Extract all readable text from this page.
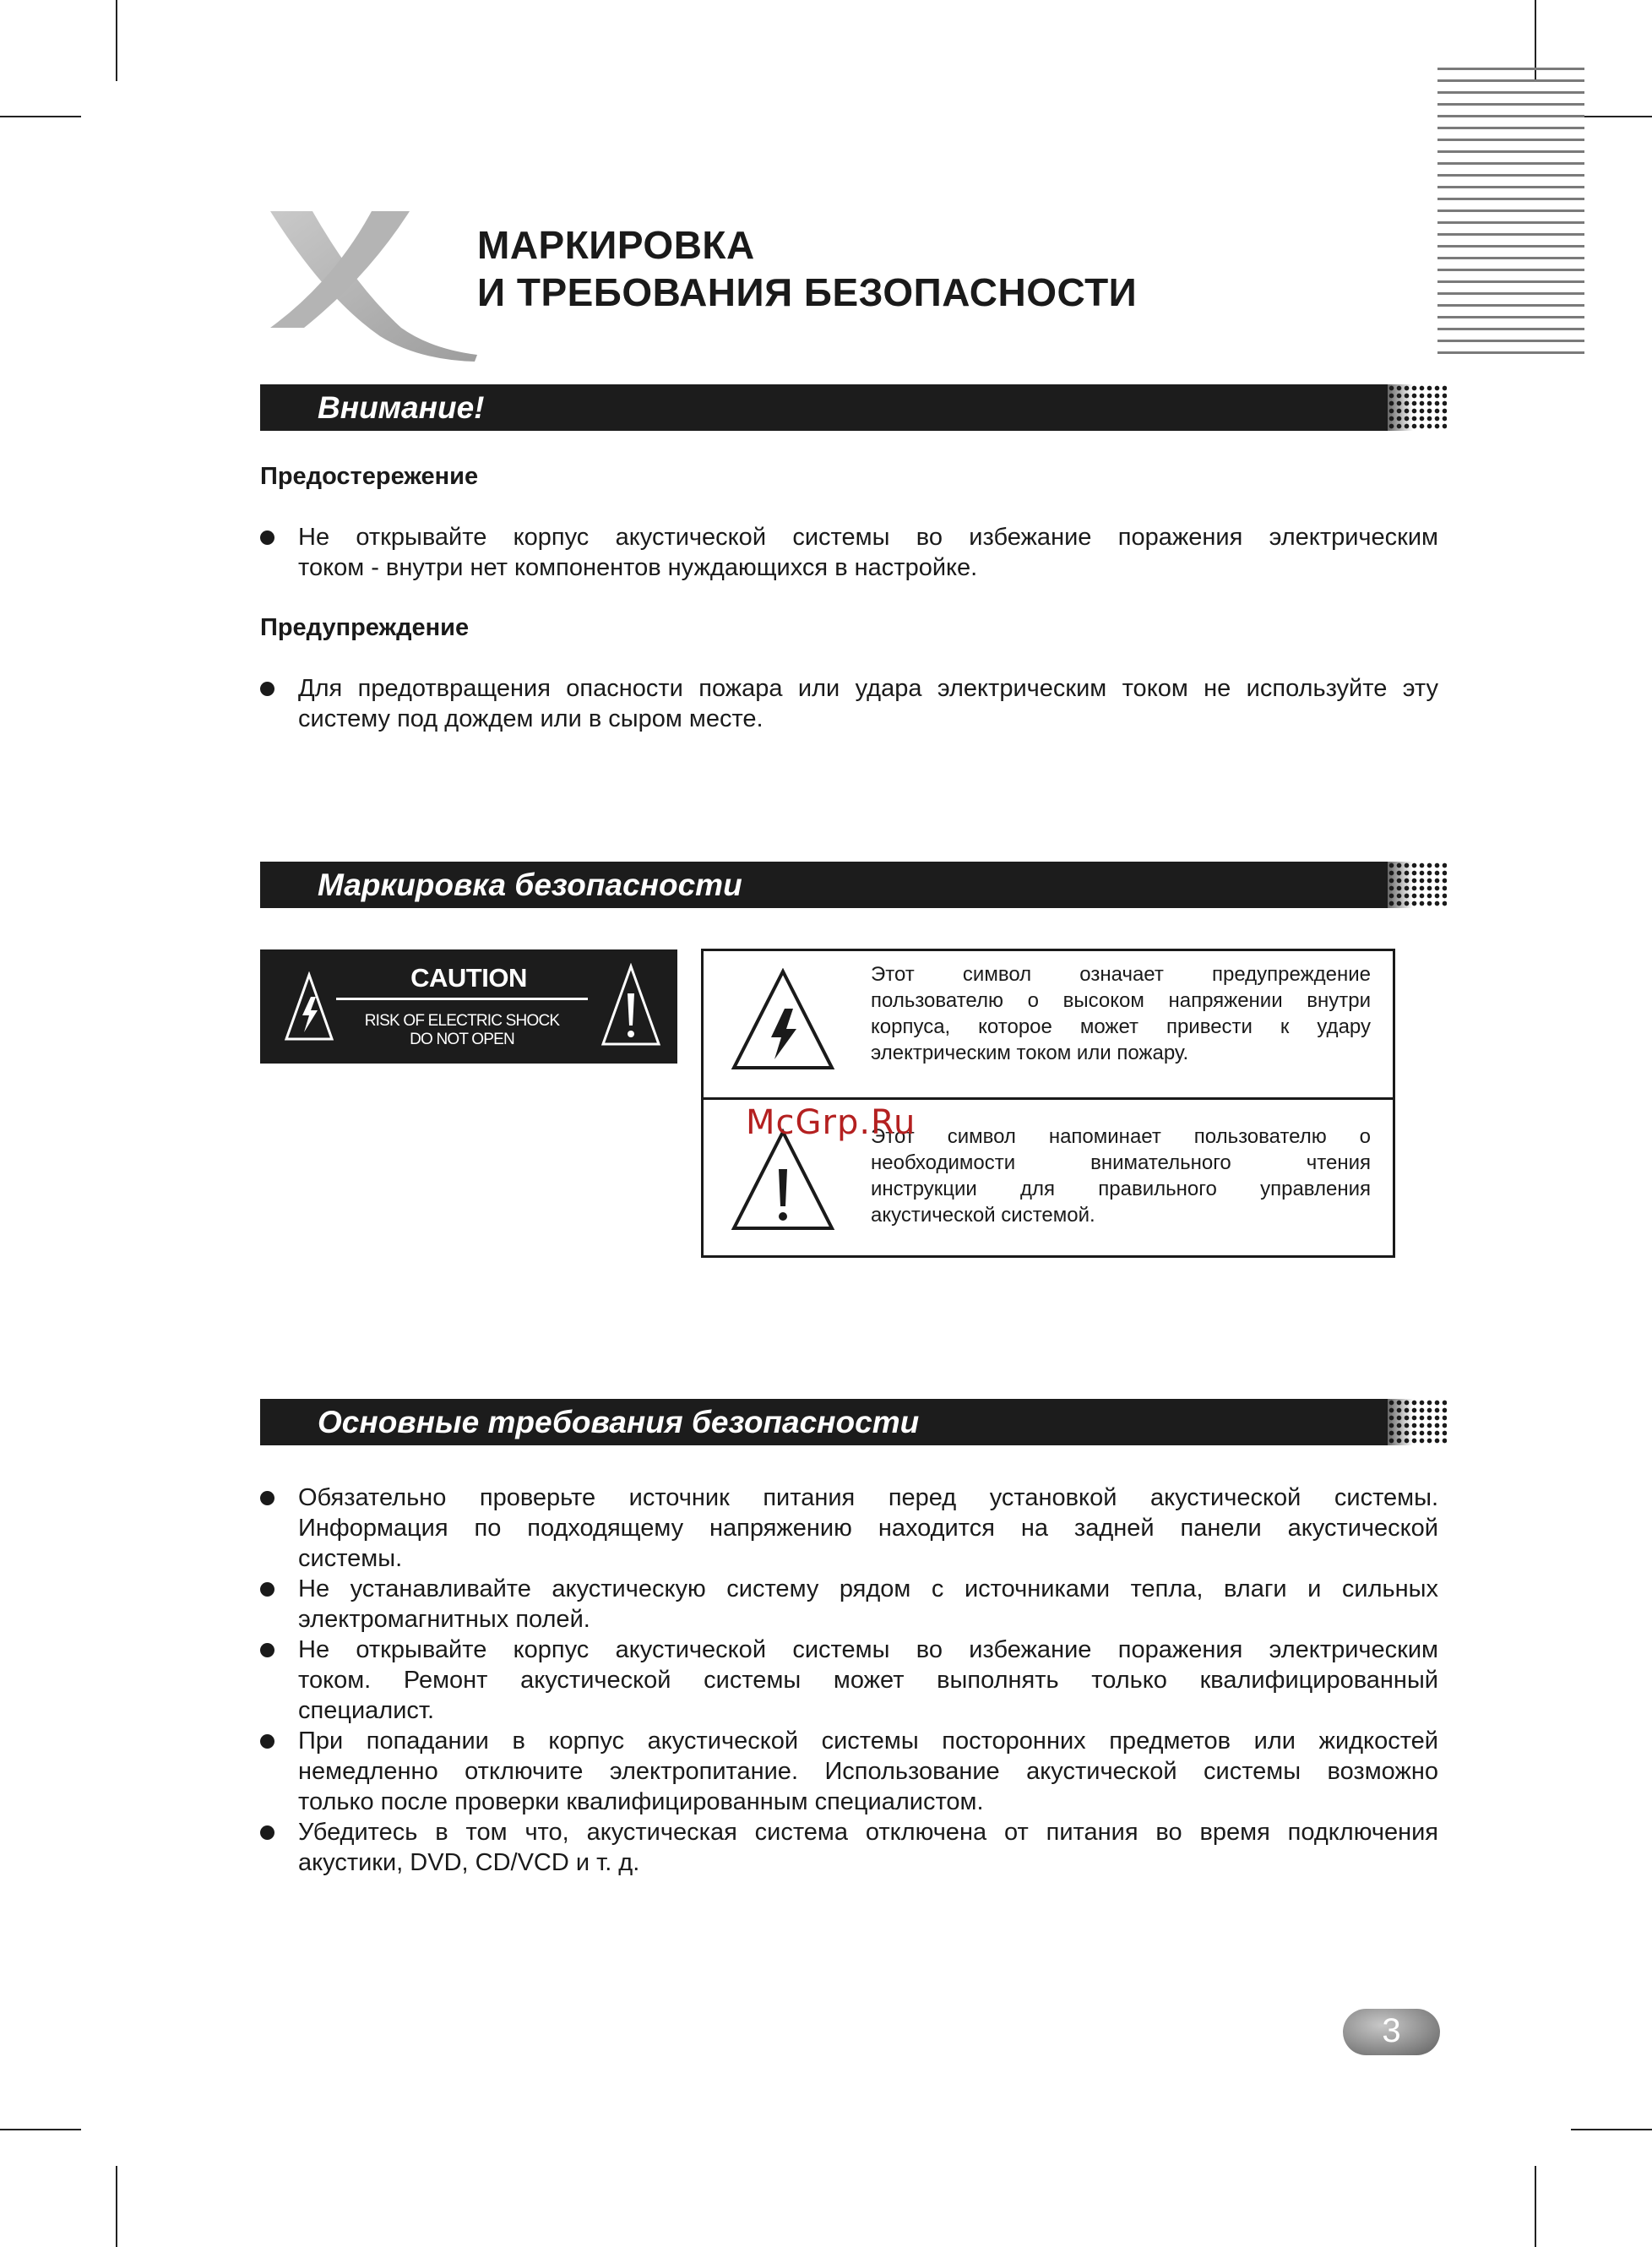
МАРКИРОВКА
И ТРЕБОВАНИЯ БЕЗОПАСНОСТИ
Внимание!
Предостережение
Не открывайте корпус акустической системы во избежание поражения электрическим
током - внутри нет компонентов нуждающихся в настройке.
Предупреждение
Для предотвращения опасности пожара или удара электрическим током не используйте эту
систему под дождем или в сыром месте.
Маркировка безопасности
CAUTION
RISK OF ELECTRIC SHOCK
DO NOT OPEN
Этот символ означает предупреждение
пользователю о высоком напряжении внутри
корпуса, которое может привести к удару
электрическим током или пожару.
Этот символ напоминает пользователю о
необходимости внимательного чтения
инструкции для правильного управления
акустической системой.
McGrp.Ru
Основные требования безопасности
Обязательно проверьте источник питания перед установкой акустической системы.
Информация по подходящему напряжению находится на задней панели акустической
системы.
Не устанавливайте акустическую систему рядом с источниками тепла, влаги и сильных
электромагнитных полей.
Не открывайте корпус акустической системы во избежание поражения электрическим
током. Ремонт акустической системы может выполнять только квалифицированный
специалист.
При попадании в корпус акустической системы посторонних предметов или жидкостей
немедленно отключите электропитание. Использование акустической системы возможно
только после проверки квалифицированным специалистом.
Убедитесь в том что, акустическая система отключена от питания во время подключения
акустики, DVD, CD/VCD и т. д.
3
